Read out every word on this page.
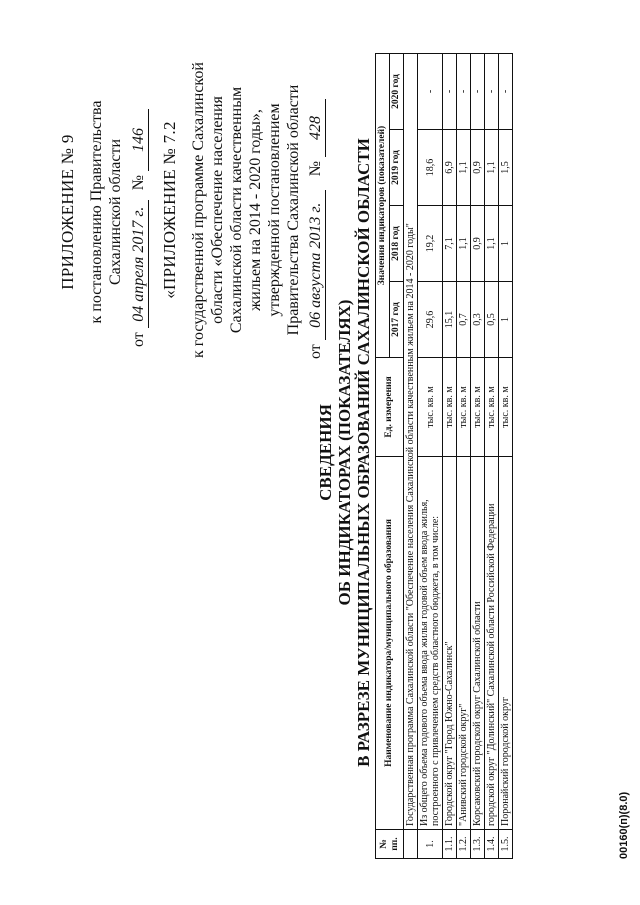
ПРИЛОЖЕНИЕ № 9 к постановлению Правительства Сахалинской области
от 04 апреля 2017 г. № 146 «ПРИЛОЖЕНИЕ № 7.2 к государственной программе Сахалинской области «Обеспечение населения Сахалинской области качественным жильем на 2014 - 2020 годы», утвержденной постановлением Правительства Сахалинской области
от 06 августа 2013 г. № 428
СВЕДЕНИЯ ОБ ИНДИКАТОРАХ (ПОКАЗАТЕЛЯХ) В РАЗРЕЗЕ МУНИЦИПАЛЬНЫХ ОБРАЗОВАНИЙ САХАЛИНСКОЙ ОБЛАСТИ
№ пп.	Наименование индикатора/муниципального образования	Ед. измерения	Значения индикаторов (показателей)			
			2017 год	2018 год	2019 год	2020 год
	Государственная программа Сахалинской области "Обеспечение населения Сахалинской области качественным жильем на 2014 - 2020 годы"					
1.	Из общего объема годового объема ввода жилья годовой объем ввода жилья, построенного с привлечением средств областного бюджета, в том числе:	тыс. кв. м	29,6	19,2	18,6	-
1.1.	Городской округ "Город Южно-Сахалинск"	тыс. кв. м	15,1	7,1	6,9	-
1.2.	"Анивский городской округ"	тыс. кв. м	0,7	1,1	1,1	-
1.3.	Корсаковский городской округ Сахалинской области	тыс. кв. м	0,3	0,9	0,9	-
1.4.	городской округ "Долинский" Сахалинской области Российской Федерации	тыс. кв. м	0,5	1,1	1,1	-
1.5.	Поронайский городской округ	тыс. кв. м	1	1	1,5	-
00160(п)(8.0)
